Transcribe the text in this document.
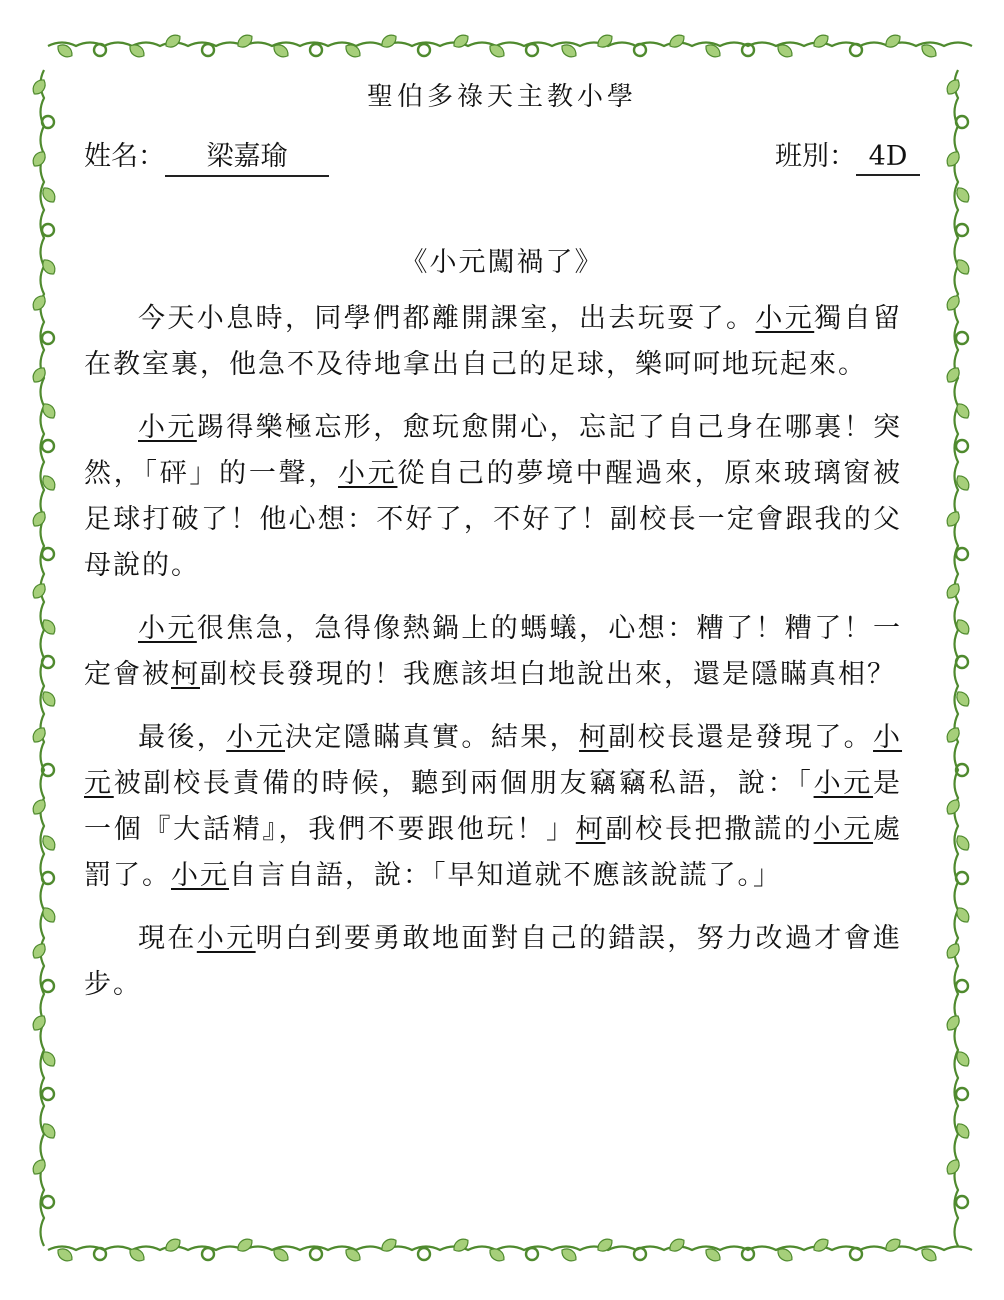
聖伯多祿天主教小學
姓名： 梁嘉瑜	班別： 4D
《小元闖禍了》

今天小息時，同學們都離開課室，出去玩耍了。小元獨自留在教室裏，他急不及待地拿出自己的足球，樂呵呵地玩起來。

小元踢得樂極忘形，愈玩愈開心，忘記了自己身在哪裏！突然，「砰」的一聲，小元從自己的夢境中醒過來，原來玻璃窗被足球打破了！他心想：不好了，不好了！副校長一定會跟我的父母說的。

小元很焦急，急得像熱鍋上的螞蟻，心想：糟了！糟了！一定會被柯副校長發現的！我應該坦白地說出來，還是隱瞞真相？

最後，小元決定隱瞞真實。結果，柯副校長還是發現了。小元被副校長責備的時候，聽到兩個朋友竊竊私語，說：「小元是一個『大話精』，我們不要跟他玩！」柯副校長把撒謊的小元處罰了。小元自言自語，說：「早知道就不應該說謊了。」

現在小元明白到要勇敢地面對自己的錯誤，努力改過才會進步。
